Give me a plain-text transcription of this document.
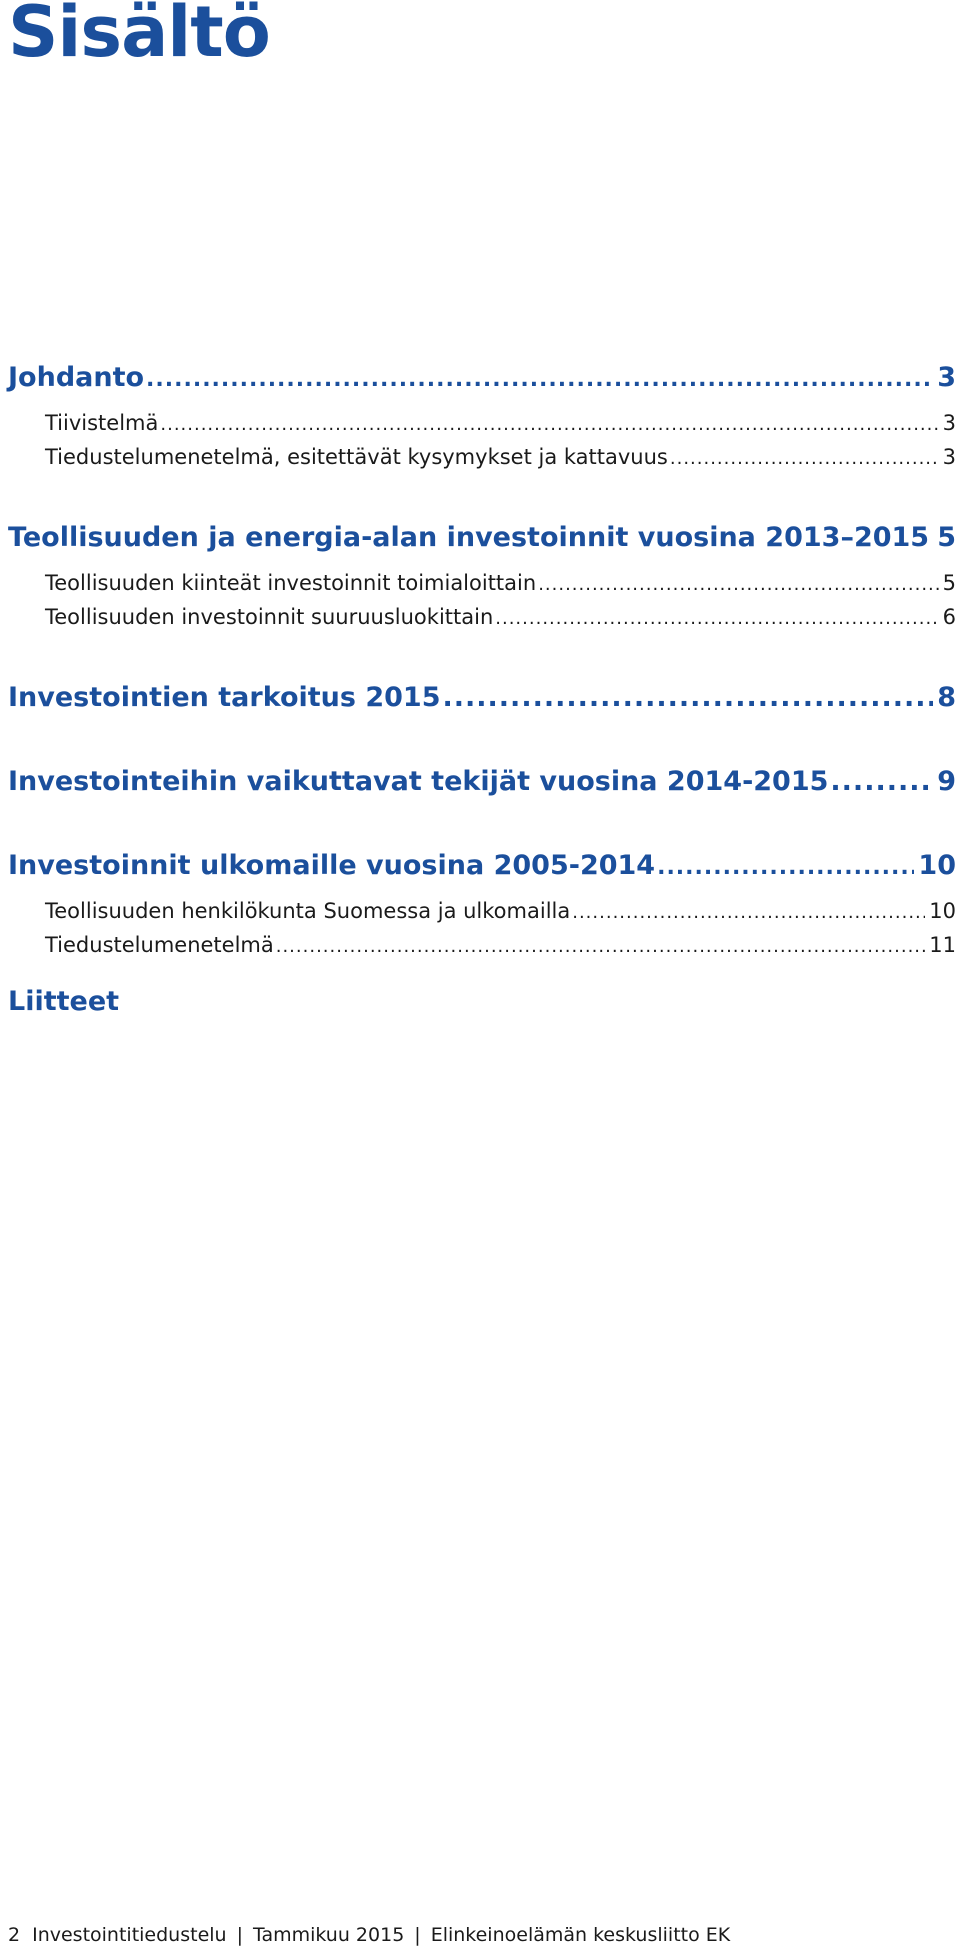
Sisältö
Johdanto .....	3
Tiivistelmä .....	3
Tiedustelumenetelmä, esitettävät kysymykset ja kattavuus .....	3
Teollisuuden ja energia-alan investoinnit vuosina 2013–2015 ..... 5
Teollisuuden kiinteät investoinnit toimialoittain .....	5
Teollisuuden investoinnit suuruusluokittain .....	6
Investointien tarkoitus 2015 .....	8
Investointeihin vaikuttavat tekijät vuosina 2014-2015 .....	9
Investoinnit ulkomaille vuosina 2005-2014 .....	10
Teollisuuden henkilökunta Suomessa ja ulkomailla .....	10
Tiedustelumenetelmä .....	11
Liitteet
2 Investointitiedustelu | Tammikuu 2015 | Elinkeinoelämän keskusliitto EK
